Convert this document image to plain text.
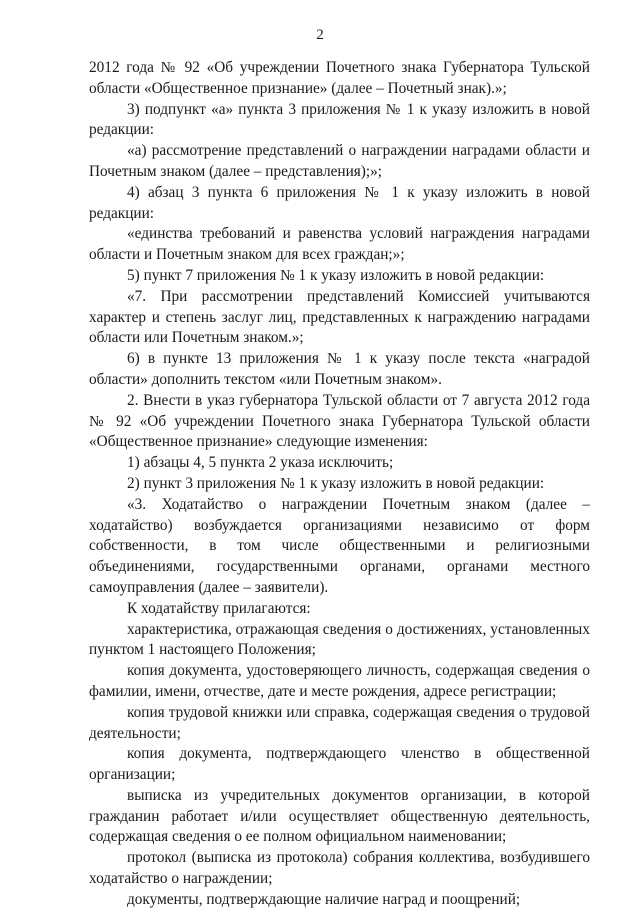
2

2012 года № 92 «Об учреждении Почетного знака Губернатора Тульской области «Общественное признание» (далее – Почетный знак).»;

3) подпункт «а» пункта 3 приложения № 1 к указу изложить в новой редакции:

«а) рассмотрение представлений о награждении наградами области и Почетным знаком (далее – представления);»;

4) абзац 3 пункта 6 приложения № 1 к указу изложить в новой редакции:

«единства требований и равенства условий награждения наградами области и Почетным знаком для всех граждан;»;

5) пункт 7 приложения № 1 к указу изложить в новой редакции:

«7. При рассмотрении представлений Комиссией учитываются характер и степень заслуг лиц, представленных к награждению наградами области или Почетным знаком.»;

6) в пункте 13 приложения № 1 к указу после текста «наградой области» дополнить текстом «или Почетным знаком».

2. Внести в указ губернатора Тульской области от 7 августа 2012 года № 92 «Об учреждении Почетного знака Губернатора Тульской области «Общественное признание» следующие изменения:

1) абзацы 4, 5 пункта 2 указа исключить;

2) пункт 3 приложения № 1 к указу изложить в новой редакции:

«3. Ходатайство о награждении Почетным знаком (далее – ходатайство) возбуждается организациями независимо от форм собственности, в том числе общественными и религиозными объединениями, государственными органами, органами местного самоуправления (далее – заявители).

К ходатайству прилагаются:

характеристика, отражающая сведения о достижениях, установленных пунктом 1 настоящего Положения;

копия документа, удостоверяющего личность, содержащая сведения о фамилии, имени, отчестве, дате и месте рождения, адресе регистрации;

копия трудовой книжки или справка, содержащая сведения о трудовой деятельности;

копия документа, подтверждающего членство в общественной организации;

выписка из учредительных документов организации, в которой гражданин работает и/или осуществляет общественную деятельность, содержащая сведения о ее полном официальном наименовании;

протокол (выписка из протокола) собрания коллектива, возбудившего ходатайство о награждении;

документы, подтверждающие наличие наград и поощрений;
